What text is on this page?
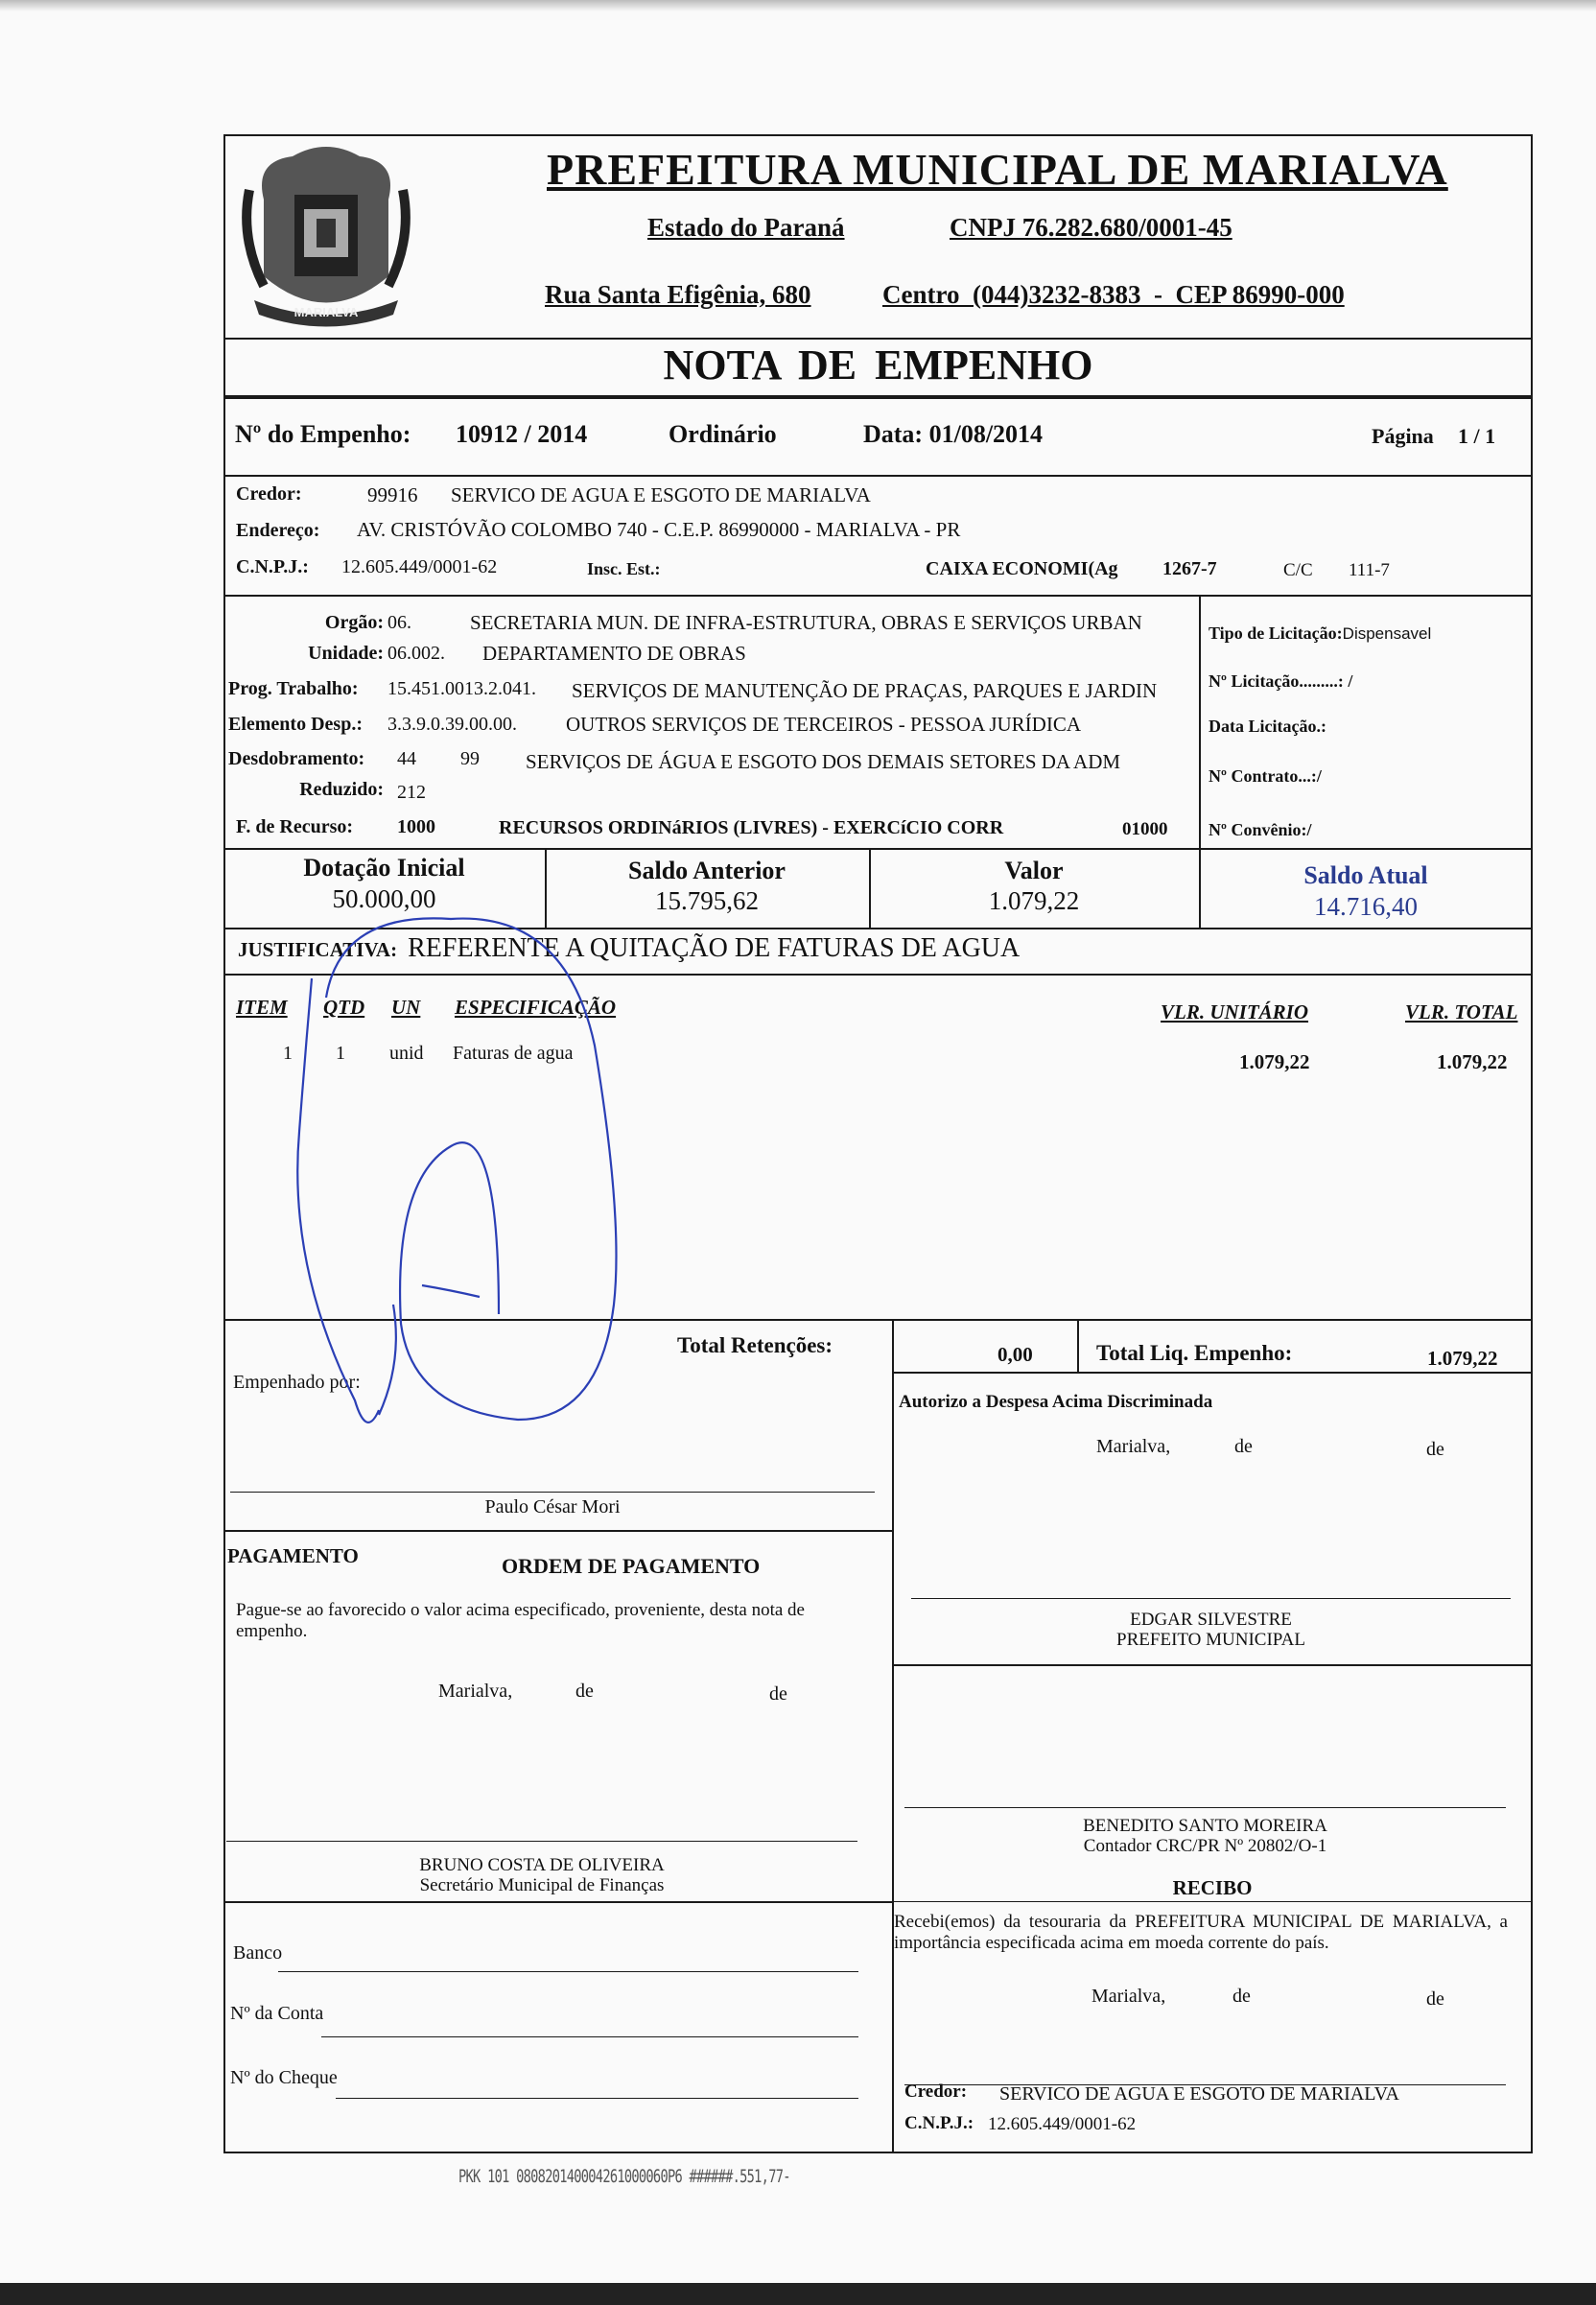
MARIALVA
PREFEITURA MUNICIPAL DE MARIALVA
Estado do Paraná	CNPJ 76.282.680/0001-45
Rua Santa Efigênia, 680	Centro  (044)3232-8383  -  CEP 86990-000
NOTA DE EMPENHO
Nº do Empenho: 10912 / 2014	Ordinário	Data: 01/08/2014	Página 1 / 1
Credor:	99916 SERVICO DE AGUA E ESGOTO DE MARIALVA
Endereço: AV. CRISTÓVÃO COLOMBO 740 - C.E.P. 86990000 - MARIALVA - PR
C.N.P.J.: 12.605.449/0001-62	Insc. Est.:	CAIXA ECONOMI(Ag 1267-7	C/C 111-7
Orgão: 06.	SECRETARIA MUN. DE INFRA-ESTRUTURA, OBRAS E SERVIÇOS URBAN
Unidade: 06.002. DEPARTAMENTO DE OBRAS
Prog. Trabalho: 15.451.0013.2.041. SERVIÇOS DE MANUTENÇÃO DE PRAÇAS, PARQUES E JARDIN
Elemento Desp.: 3.3.9.0.39.00.00. OUTROS SERVIÇOS DE TERCEIROS - PESSOA JURÍDICA
Desdobramento: 44 99 SERVIÇOS DE ÁGUA E ESGOTO DOS DEMAIS SETORES DA ADM
Reduzido: 212
F. de Recurso: 1000	RECURSOS ORDINáRIOS (LIVRES) - EXERCíCIO CORR	01000
Tipo de Licitação:Dispensavel
Nº Licitação.........: /
Data Licitação.:
Nº Contrato...:/
Nº Convênio:/
Dotação Inicial
50.000,00
Saldo Anterior
15.795,62
Valor
1.079,22
Saldo Atual
14.716,40
JUSTIFICATIVA: REFERENTE A QUITAÇÃO DE FATURAS DE AGUA
ITEM QTD UN ESPECIFICAÇÃO	VLR. UNITÁRIO	VLR. TOTAL
1 1 unid Faturas de agua	1.079,22	1.079,22
Total Retenções:	0,00	Total Liq. Empenho:	1.079,22
Empenhado por:
Paulo César Mori
Autorizo a Despesa Acima Discriminada
Marialva,	de	de
PAGAMENTO	ORDEM DE PAGAMENTO
Pague-se ao favorecido o valor acima especificado, proveniente, desta nota de empenho.
Marialva,	de	de
EDGAR SILVESTRE
PREFEITO MUNICIPAL
BENEDITO SANTO MOREIRA
Contador CRC/PR Nº 20802/O-1
BRUNO COSTA DE OLIVEIRA
Secretário Municipal de Finanças	RECIBO
Recebi(emos) da tesouraria da PREFEITURA MUNICIPAL DE MARIALVA, a importância especificada acima em moeda corrente do país.
Marialva,	de	de
Credor: SERVICO DE AGUA E ESGOTO DE MARIALVA
C.N.P.J.: 12.605.449/0001-62
Banco
Nº da Conta
Nº do Cheque
PKK 101 080820140004261000060P6 ######.551,77-
